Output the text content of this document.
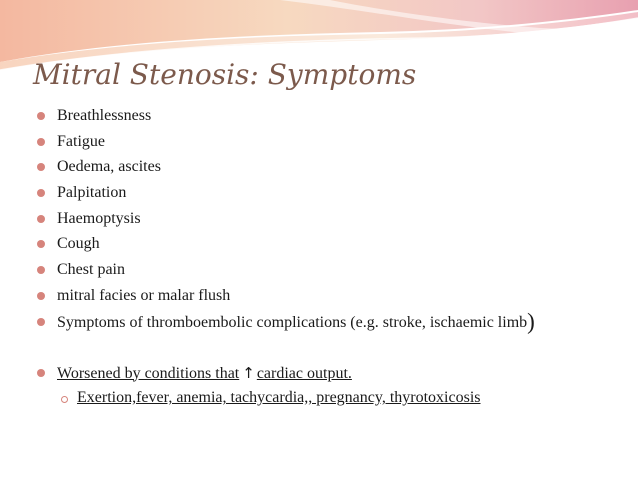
Mitral Stenosis: Symptoms
Breathlessness
Fatigue
Oedema, ascites
Palpitation
Haemoptysis
Cough
Chest pain
mitral facies or malar flush
Symptoms of thromboembolic complications (e.g. stroke, ischaemic limb)
Worsened by conditions that ↑ cardiac output.
Exertion,fever, anemia, tachycardia,, pregnancy, thyrotoxicosis
